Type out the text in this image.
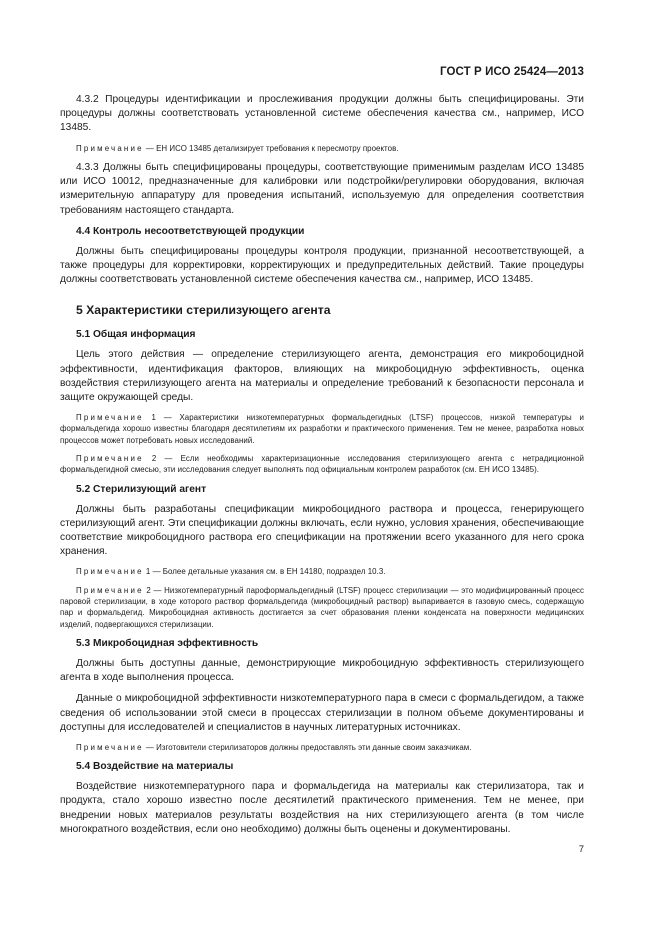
ГОСТ Р ИСО 25424—2013

4.3.2 Процедуры идентификации и прослеживания продукции должны быть специфицированы. Эти процедуры должны соответствовать установленной системе обеспечения качества см., например, ИСО 13485.

Примечание — ЕН ИСО 13485 детализирует требования к пересмотру проектов.

4.3.3 Должны быть специфицированы процедуры, соответствующие применимым разделам ИСО 13485 или ИСО 10012, предназначенные для калибровки или подстройки/регулировки оборудования, включая измерительную аппаратуру для проведения испытаний, используемую для определения соответствия требованиям настоящего стандарта.

4.4 Контроль несоответствующей продукции

Должны быть специфицированы процедуры контроля продукции, признанной несоответствующей, а также процедуры для корректировки, корректирующих и предупредительных действий. Такие процедуры должны соответствовать установленной системе обеспечения качества см., например, ИСО 13485.

5 Характеристики стерилизующего агента

5.1 Общая информация

Цель этого действия — определение стерилизующего агента, демонстрация его микробоцидной эффективности, идентификация факторов, влияющих на микробоцидную эффективность, оценка воздействия стерилизующего агента на материалы и определение требований к безопасности персонала и защите окружающей среды.

Примечание 1 — Характеристики низкотемпературных формальдегидных (LTSF) процессов, низкой температуры и формальдегида хорошо известны благодаря десятилетиям их разработки и практического применения. Тем не менее, разработка новых процессов может потребовать новых исследований.

Примечание 2 — Если необходимы характеризационные исследования стерилизующего агента с нетрадиционной формальдегидной смесью, эти исследования следует выполнять под официальным контролем разработок (см. ЕН ИСО 13485).

5.2 Стерилизующий агент

Должны быть разработаны спецификации микробоцидного раствора и процесса, генерирующего стерилизующий агент. Эти спецификации должны включать, если нужно, условия хранения, обеспечивающие соответствие микробоцидного раствора его спецификации на протяжении всего указанного для него срока хранения.

Примечание 1 — Более детальные указания см. в ЕН 14180, подраздел 10.3.

Примечание 2 — Низкотемпературный пароформальдегидный (LTSF) процесс стерилизации — это модифицированный процесс паровой стерилизации, в ходе которого раствор формальдегида (микробоцидный раствор) выпаривается в газовую смесь, содержащую пар и формальдегид. Микробоцидная активность достигается за счет образования пленки конденсата на поверхности медицинских изделий, подвергающихся стерилизации.

5.3 Микробоцидная эффективность

Должны быть доступны данные, демонстрирующие микробоцидную эффективность стерилизующего агента в ходе выполнения процесса.

Данные о микробоцидной эффективности низкотемпературного пара в смеси с формальдегидом, а также сведения об использовании этой смеси в процессах стерилизации в полном объеме документированы и доступны для исследователей и специалистов в научных литературных источниках.

Примечание — Изготовители стерилизаторов должны предоставлять эти данные своим заказчикам.

5.4 Воздействие на материалы

Воздействие низкотемпературного пара и формальдегида на материалы как стерилизатора, так и продукта, стало хорошо известно после десятилетий практического применения. Тем не менее, при внедрении новых материалов результаты воздействия на них стерилизующего агента (в том числе многократного воздействия, если оно необходимо) должны быть оценены и документированы.

7
